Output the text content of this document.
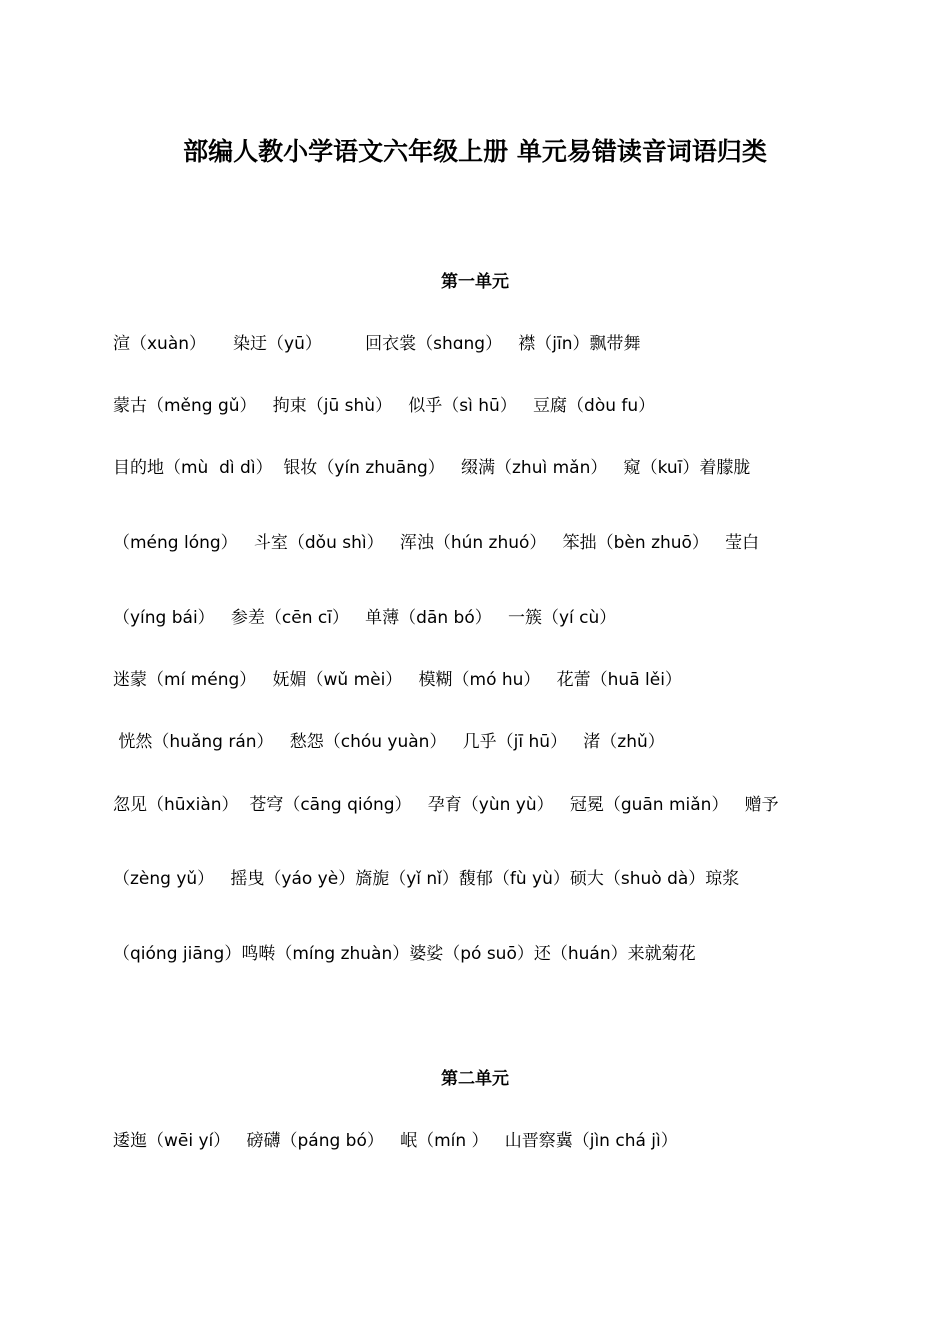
部编人教小学语文六年级上册 单元易错读音词语归类
第一单元
渲（xuàn）     染迂（yū）        回衣裳（shɑng）   襟（jīn）飘带舞
蒙古（měng gǔ）   拘束（jū shù）   似乎（sì hū）   豆腐（dòu fu）
目的地（mù  dì dì）  银妆（yín zhuāng）   缀满（zhuì mǎn）   窥（kuī）着朦胧
（méng lóng）   斗室（dǒu shì）   浑浊（hún zhuó）   笨拙（bèn zhuō）   莹白
（yíng bái）   参差（cēn cī）   单薄（dān bó）   一簇（yí cù）
迷蒙（mí méng）   妩媚（wǔ mèi）   模糊（mó hu）   花蕾（huā lěi）
恍然（huǎng rán）   愁怨（chóu yuàn）   几乎（jī hū）   渚（zhǔ）
忽见（hūxiàn）  苍穹（cāng qióng）   孕育（yùn yù）   冠冕（guān miǎn）   赠予
（zèng yǔ）   摇曳（yáo yè）旖旎（yǐ nǐ）馥郁（fù yù）硕大（shuò dà）琼浆
（qióng jiāng）鸣啭（míng zhuàn）婆娑（pó suō）还（huán）来就菊花
第二单元
逶迤（wēi yí）   磅礴（páng bó）   岷（mín ）   山晋察冀（jìn chá jì）
